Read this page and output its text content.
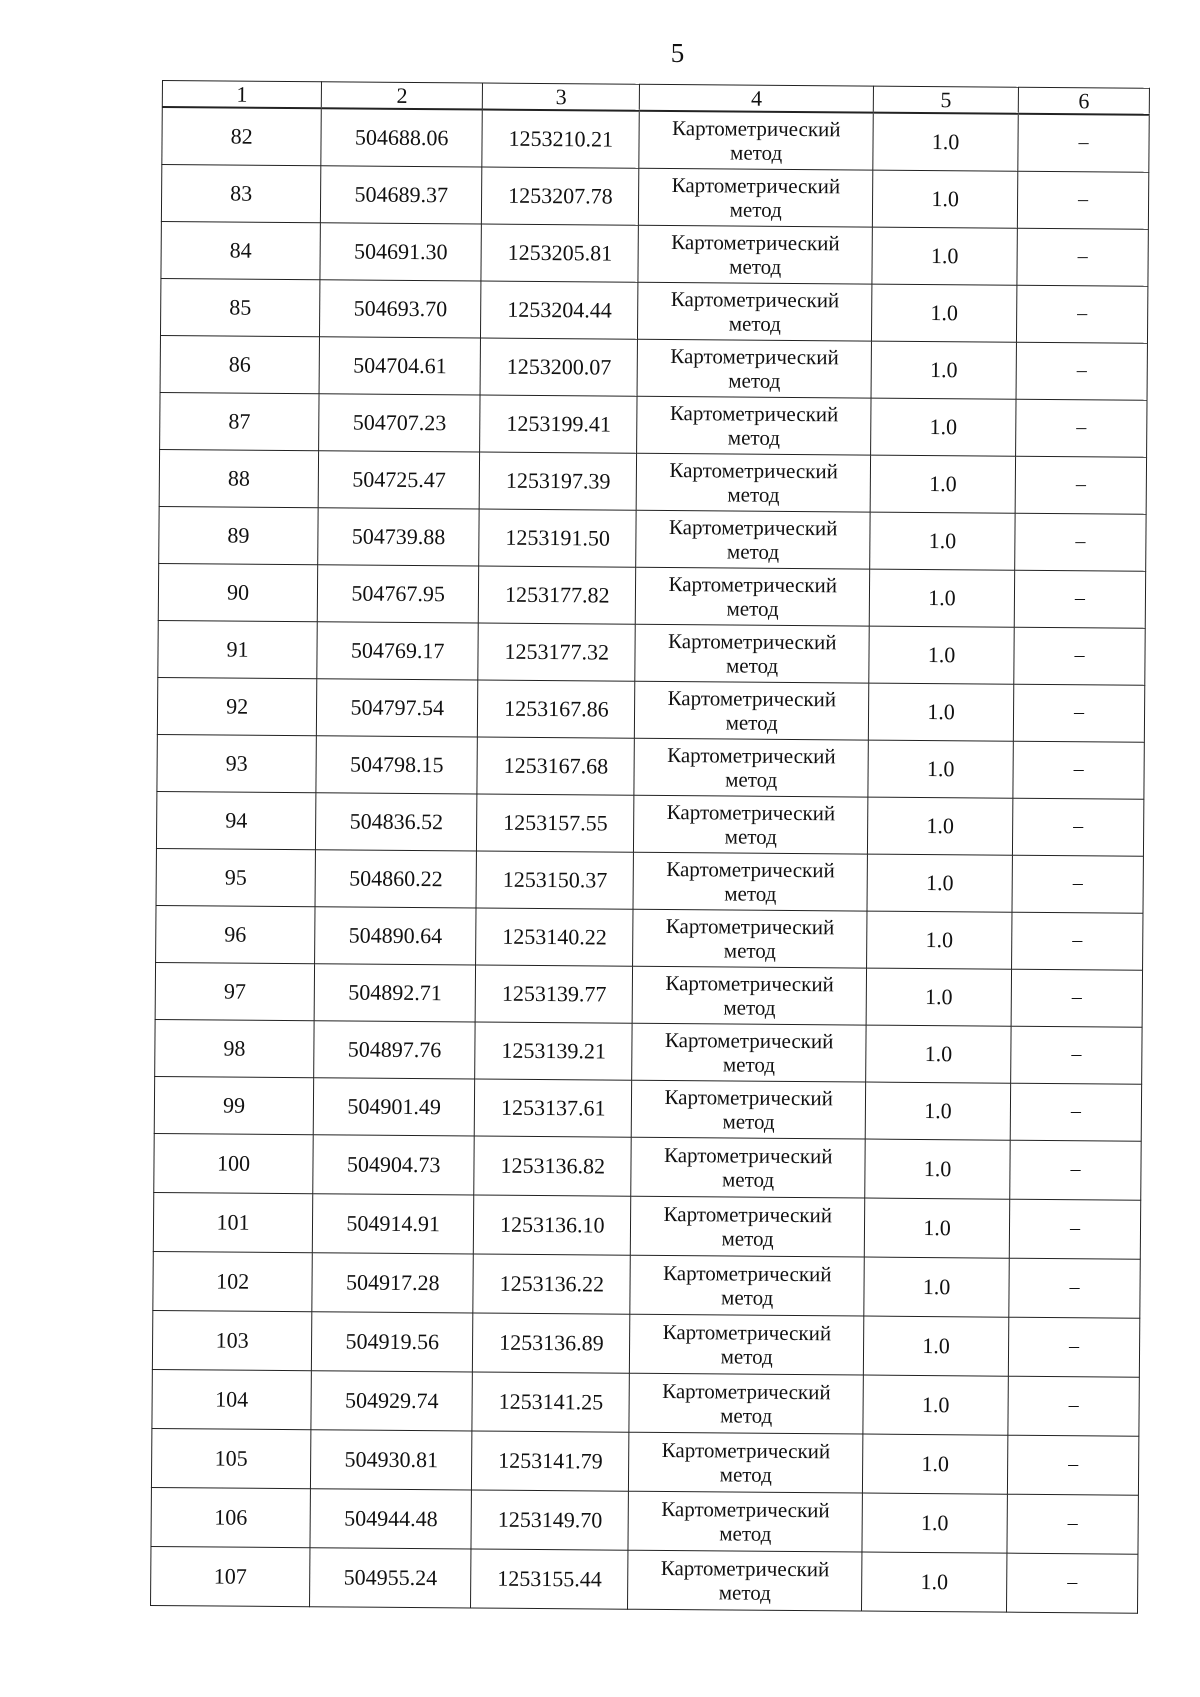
5
1	2	3	4	5	6
82	504688.06	1253210.21	Картометрический
метод	1.0	–
83	504689.37	1253207.78	Картометрический
метод	1.0	–
84	504691.30	1253205.81	Картометрический
метод	1.0	–
85	504693.70	1253204.44	Картометрический
метод	1.0	–
86	504704.61	1253200.07	Картометрический
метод	1.0	–
87	504707.23	1253199.41	Картометрический
метод	1.0	–
88	504725.47	1253197.39	Картометрический
метод	1.0	–
89	504739.88	1253191.50	Картометрический
метод	1.0	–
90	504767.95	1253177.82	Картометрический
метод	1.0	–
91	504769.17	1253177.32	Картометрический
метод	1.0	–
92	504797.54	1253167.86	Картометрический
метод	1.0	–
93	504798.15	1253167.68	Картометрический
метод	1.0	–
94	504836.52	1253157.55	Картометрический
метод	1.0	–
95	504860.22	1253150.37	Картометрический
метод	1.0	–
96	504890.64	1253140.22	Картометрический
метод	1.0	–
97	504892.71	1253139.77	Картометрический
метод	1.0	–
98	504897.76	1253139.21	Картометрический
метод	1.0	–
99	504901.49	1253137.61	Картометрический
метод	1.0	–
100	504904.73	1253136.82	Картометрический
метод	1.0	–
101	504914.91	1253136.10	Картометрический
метод	1.0	–
102	504917.28	1253136.22	Картометрический
метод	1.0	–
103	504919.56	1253136.89	Картометрический
метод	1.0	–
104	504929.74	1253141.25	Картометрический
метод	1.0	–
105	504930.81	1253141.79	Картометрический
метод	1.0	–
106	504944.48	1253149.70	Картометрический
метод	1.0	–
107	504955.24	1253155.44	Картометрический
метод	1.0	–
